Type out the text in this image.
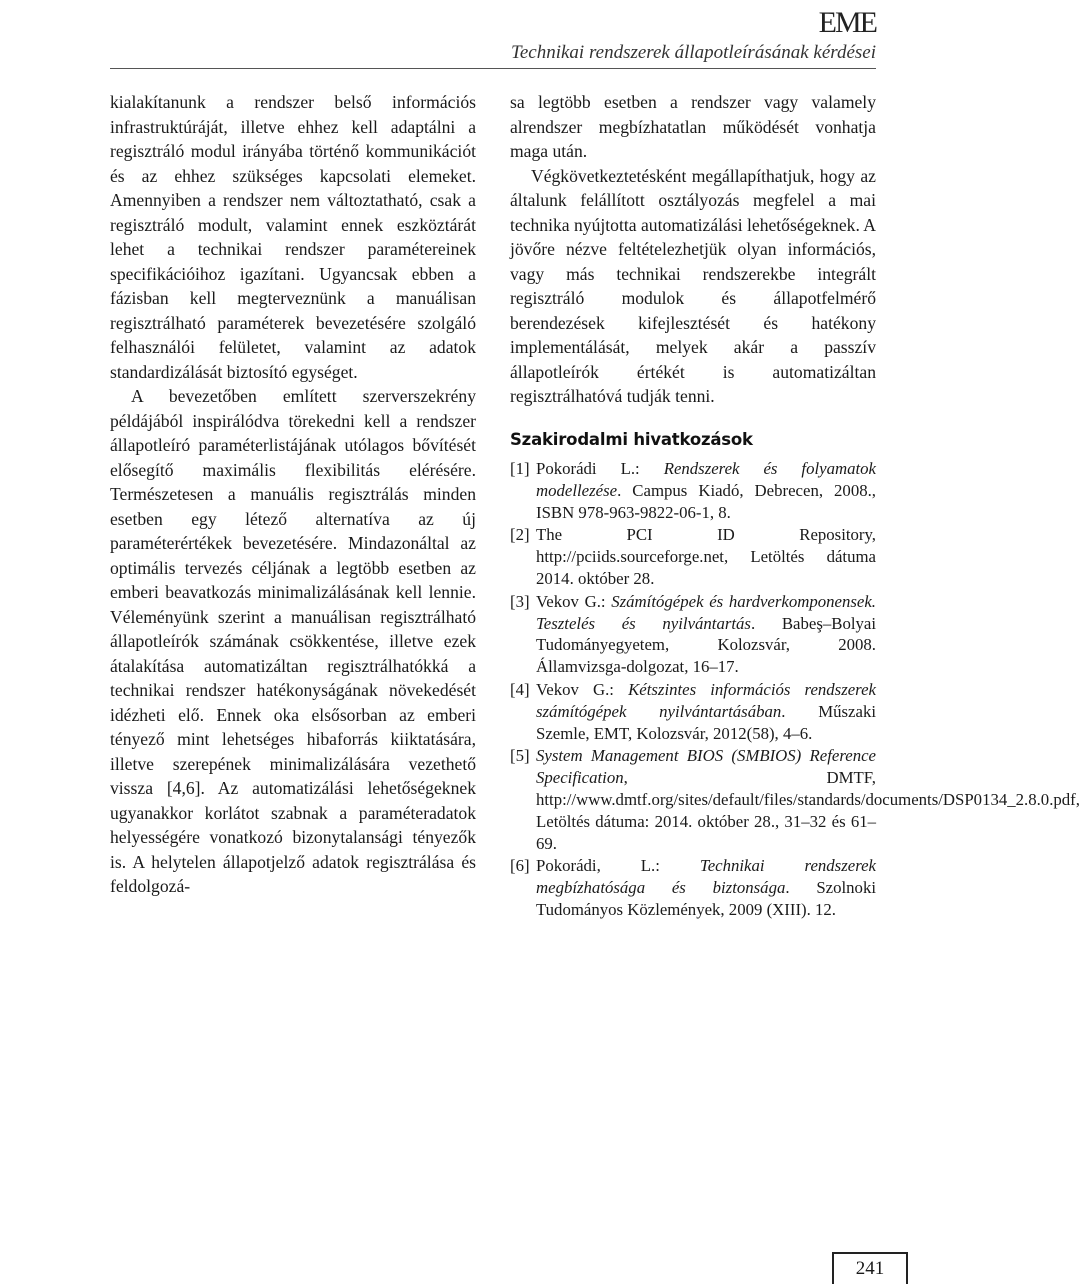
EME
Technikai rendszerek állapotleírásának kérdései

kialakítanunk a rendszer belső információs infrastruktúráját, illetve ehhez kell adaptálni a regisztráló modul irányába történő kommunikációt és az ehhez szükséges kapcsolati elemeket. Amennyiben a rendszer nem változtatható, csak a regisztráló modult, valamint ennek eszköztárát lehet a technikai rendszer paramétereinek specifikációihoz igazítani. Ugyancsak ebben a fázisban kell megterveznünk a manuálisan regisztrálható paraméterek bevezetésére szolgáló felhasználói felületet, valamint az adatok standardizálását biztosító egységet.

A bevezetőben említett szerverszekrény példájából inspirálódva törekedni kell a rendszer állapotleíró paraméterlistájának utólagos bővítését elősegítő maximális flexibilitás elérésére. Természetesen a manuális regisztrálás minden esetben egy létező alternatíva az új paraméterértékek bevezetésére. Mindazonáltal az optimális tervezés céljának a legtöbb esetben az emberi beavatkozás minimalizálásának kell lennie. Véleményünk szerint a manuálisan regisztrálható állapotleírók számának csökkentése, illetve ezek átalakítása automatizáltan regisztrálhatókká a technikai rendszer hatékonyságának növekedését idézheti elő. Ennek oka elsősorban az emberi tényező mint lehetséges hibaforrás kiiktatására, illetve szerepének minimalizálására vezethető vissza [4,6]. Az automatizálási lehetőségeknek ugyanakkor korlátot szabnak a paraméteradatok helyességére vonatkozó bizonytalansági tényezők is. A helytelen állapotjelző adatok regisztrálása és feldolgozá-

sa legtöbb esetben a rendszer vagy valamely alrendszer megbízhatatlan működését vonhatja maga után.

Végkövetkeztetésként megállapíthatjuk, hogy az általunk felállított osztályozás megfelel a mai technika nyújtotta automatizálási lehetőségeknek. A jövőre nézve feltételezhetjük olyan információs, vagy más technikai rendszerekbe integrált regisztráló modulok és állapotfelmérő berendezések kifejlesztését és hatékony implementálását, melyek akár a passzív állapotleírók értékét is automatizáltan regisztrálhatóvá tudják tenni.

Szakirodalmi hivatkozások
[1] Pokorádi L.: Rendszerek és folyamatok modellezése. Campus Kiadó, Debrecen, 2008., ISBN 978-963-9822-06-1, 8.
[2] The PCI ID Repository, http://pciids.sourceforge.net, Letöltés dátuma 2014. október 28.
[3] Vekov G.: Számítógépek és hardverkomponensek. Tesztelés és nyilvántartás. Babeş–Bolyai Tudományegyetem, Kolozsvár, 2008. Államvizsga-dolgozat, 16–17.
[4] Vekov G.: Kétszintes információs rendszerek számítógépek nyilvántartásában. Műszaki Szemle, EMT, Kolozsvár, 2012(58), 4–6.
[5] System Management BIOS (SMBIOS) Reference Specification, DMTF, http://www.dmtf.org/sites/default/files/standards/documents/DSP0134_2.8.0.pdf, Letöltés dátuma: 2014. október 28., 31–32 és 61–69.
[6] Pokorádi, L.: Technikai rendszerek megbízhatósága és biztonsága. Szolnoki Tudományos Közlemények, 2009 (XIII). 12.
241
